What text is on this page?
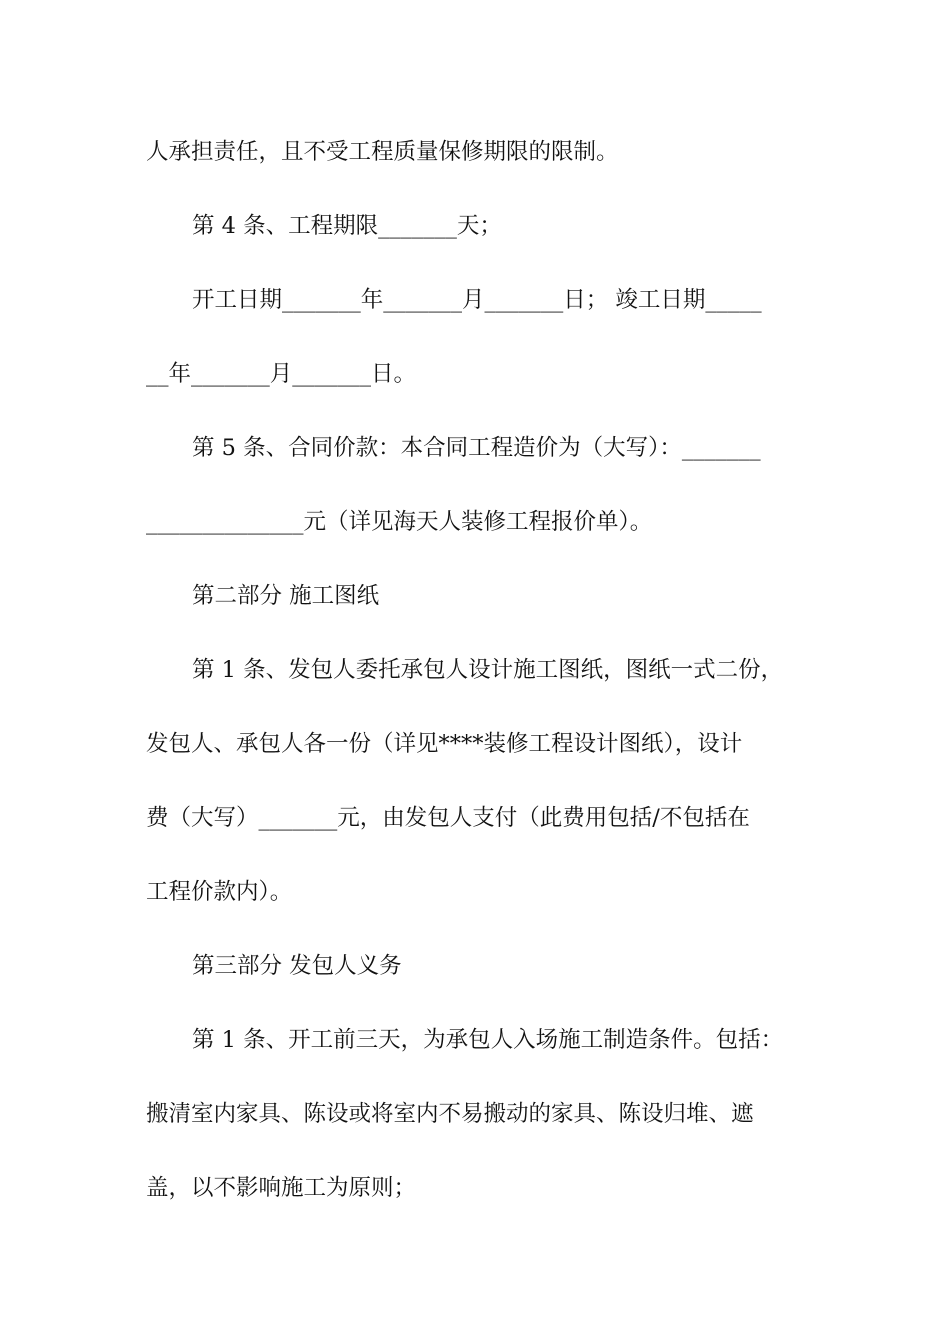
人承担责任，且不受工程质量保修期限的限制。
第 4 条、工程期限_______天；
开工日期_______年_______月_______日； 竣工日期_____
__年_______月_______日。
第 5 条、合同价款：本合同工程造价为（大写）：_______
______________元（详见海天人装修工程报价单）。
第二部分 施工图纸
第 1 条、发包人委托承包人设计施工图纸，图纸一式二份，
发包人、承包人各一份（详见****装修工程设计图纸），设计
费（大写）_______元，由发包人支付（此费用包括/不包括在
工程价款内）。
第三部分 发包人义务
第 1 条、开工前三天，为承包人入场施工制造条件。包括：
搬清室内家具、陈设或将室内不易搬动的家具、陈设归堆、遮
盖，以不影响施工为原则；
